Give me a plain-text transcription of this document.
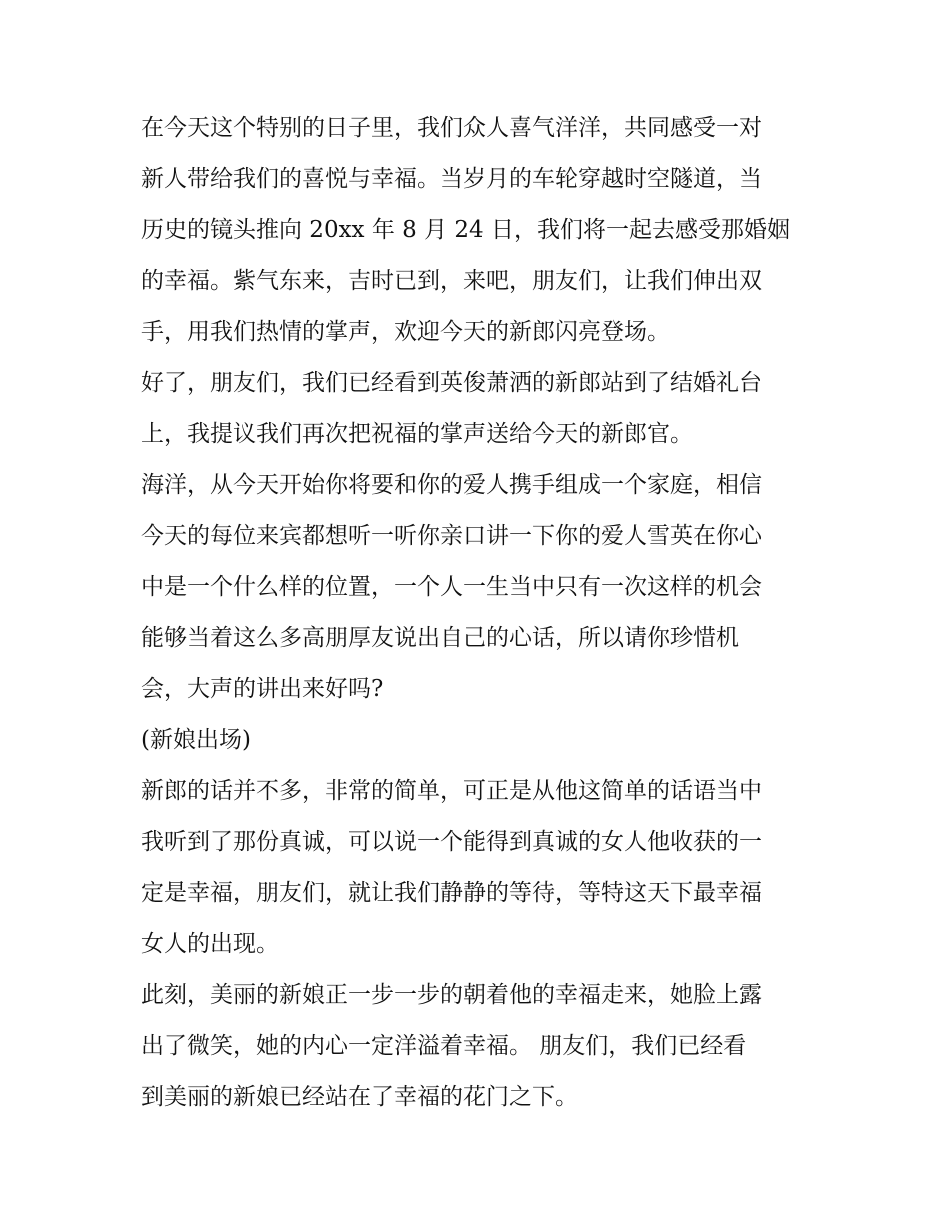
在今天这个特别的日子里，我们众人喜气洋洋，共同感受一对
新人带给我们的喜悦与幸福。当岁月的车轮穿越时空隧道，当
历史的镜头推向 20xx 年 8 月 24 日，我们将一起去感受那婚姻
的幸福。紫气东来，吉时已到，来吧，朋友们，让我们伸出双
手，用我们热情的掌声，欢迎今天的新郎闪亮登场。
好了，朋友们，我们已经看到英俊萧洒的新郎站到了结婚礼台
上，我提议我们再次把祝福的掌声送给今天的新郎官。
海洋，从今天开始你将要和你的爱人携手组成一个家庭，相信
今天的每位来宾都想听一听你亲口讲一下你的爱人雪英在你心
中是一个什么样的位置，一个人一生当中只有一次这样的机会
能够当着这么多高朋厚友说出自己的心话，所以请你珍惜机
会，大声的讲出来好吗?
(新娘出场)
新郎的话并不多，非常的简单，可正是从他这简单的话语当中
我听到了那份真诚，可以说一个能得到真诚的女人他收获的一
定是幸福，朋友们，就让我们静静的等待，等特这天下最幸福
女人的出现。
此刻，美丽的新娘正一步一步的朝着他的幸福走来，她脸上露
出了微笑，她的内心一定洋溢着幸福。 朋友们，我们已经看
到美丽的新娘已经站在了幸福的花门之下。
